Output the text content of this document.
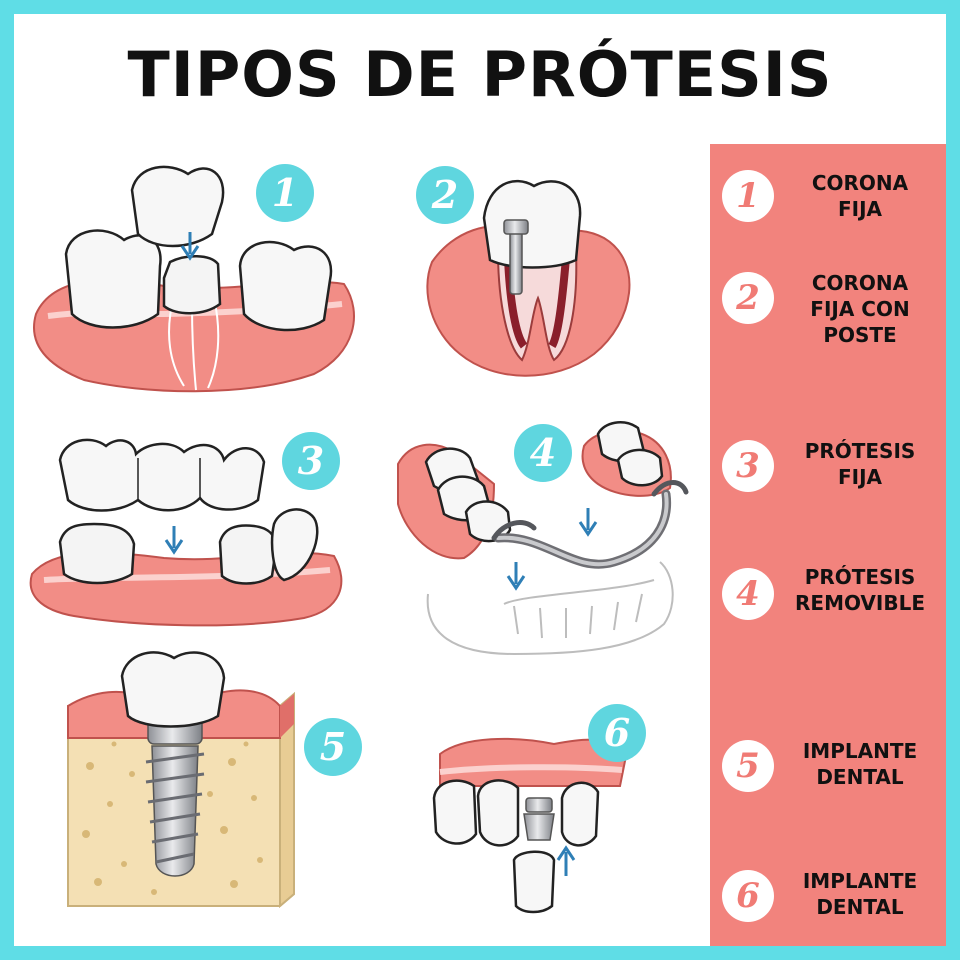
TIPOS DE PRÓTESIS
1	2
3	4
5	6
1	CORONA
FIJA
2	CORONA
FIJA CON
POSTE
3	PRÓTESIS
FIJA
4	PRÓTESIS
REMOVIBLE
5	IMPLANTE
DENTAL
6	IMPLANTE
DENTAL
